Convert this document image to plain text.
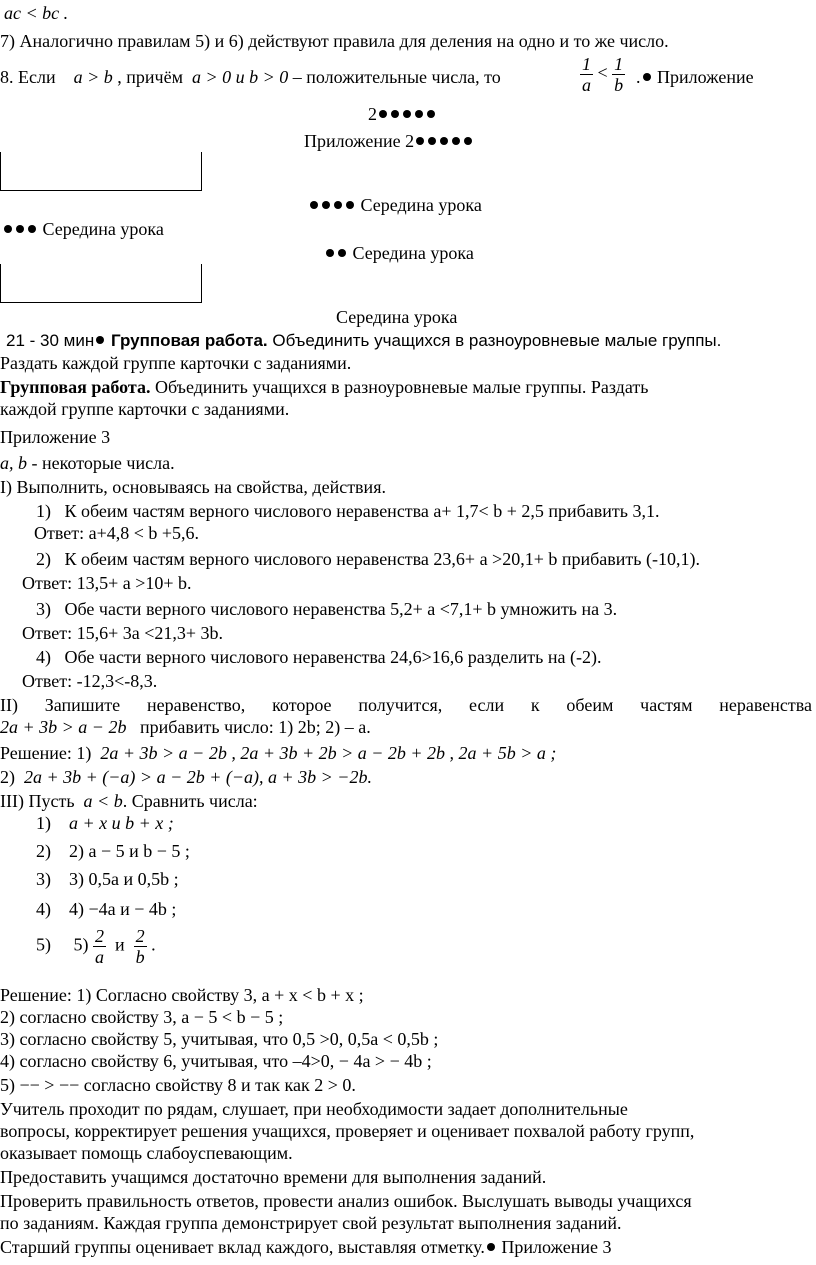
ac < bc .
7) Аналогично правилам 5) и 6) действуют правила для деления на одно и то же число.
8. Если a > b , причём a > 0 и b > 0 – положительные числа, то	$\frac{1}{a} < \frac{1}{b}$ . Приложение
2
Приложение 2
Середина урока
Середина урока
Середина урока
Середина урока
21 - 30 мин Групповая работа. Объединить учащихся в разноуровневые малые группы.
Раздать каждой группе карточки с заданиями.
Групповая работа. Объединить учащихся в разноуровневые малые группы. Раздать
каждой группе карточки с заданиями.
Приложение 3
a, b - некоторые числа.
I) Выполнить, основываясь на свойства, действия.
1) К обеим частям верного числового неравенства a+ 1,7< b + 2,5 прибавить 3,1.
Ответ: a+4,8 < b +5,6.
2) К обеим частям верного числового неравенства 23,6+ a >20,1+ b прибавить (-10,1).
Ответ: 13,5+ a >10+ b.
3) Обе части верного числового неравенства 5,2+ a <7,1+ b умножить на 3.
Ответ: 15,6+ 3a <21,3+ 3b.
4) Обе части верного числового неравенства 24,6>16,6 разделить на (-2).
Ответ: -12,3<-8,3.
II) Запишите неравенство, которое получится, если к обеим частям неравенства
2a + 3b > a − 2b прибавить число: 1) 2b; 2) – a.
Решение: 1) 2a + 3b > a − 2b , 2a + 3b + 2b > a − 2b + 2b , 2a + 5b > a ;
2) 2a + 3b + (−a) > a − 2b + (−a), a + 3b > −2b.
III) Пусть a < b. Сравнить числа:
1) a + x и b + x ;
2) 2) a − 5 и b − 5 ;
3) 3) 0,5a и 0,5b ;
4) 4) −4a и − 4b ;
5) $5) \frac{2}{a}$ и $\frac{2}{b}$ .
Решение: 1) Согласно свойству 3, a + x < b + x ;
2) согласно свойству 3, a − 5 < b − 5 ;
3) согласно свойству 5, учитывая, что 0,5 >0, 0,5a < 0,5b ;
4) согласно свойству 6, учитывая, что –4>0, − 4a > − 4b ;
5) −− > −− согласно свойству 8 и так как 2 > 0.
Учитель проходит по рядам, слушает, при необходимости задает дополнительные
вопросы, корректирует решения учащихся, проверяет и оценивает похвалой работу групп,
оказывает помощь слабоуспевающим.
Предоставить учащимся достаточно времени для выполнения заданий.
Проверить правильность ответов, провести анализ ошибок. Выслушать выводы учащихся
по заданиям. Каждая группа демонстрирует свой результат выполнения заданий.
Старший группы оценивает вклад каждого, выставляя отметку. Приложение 3
